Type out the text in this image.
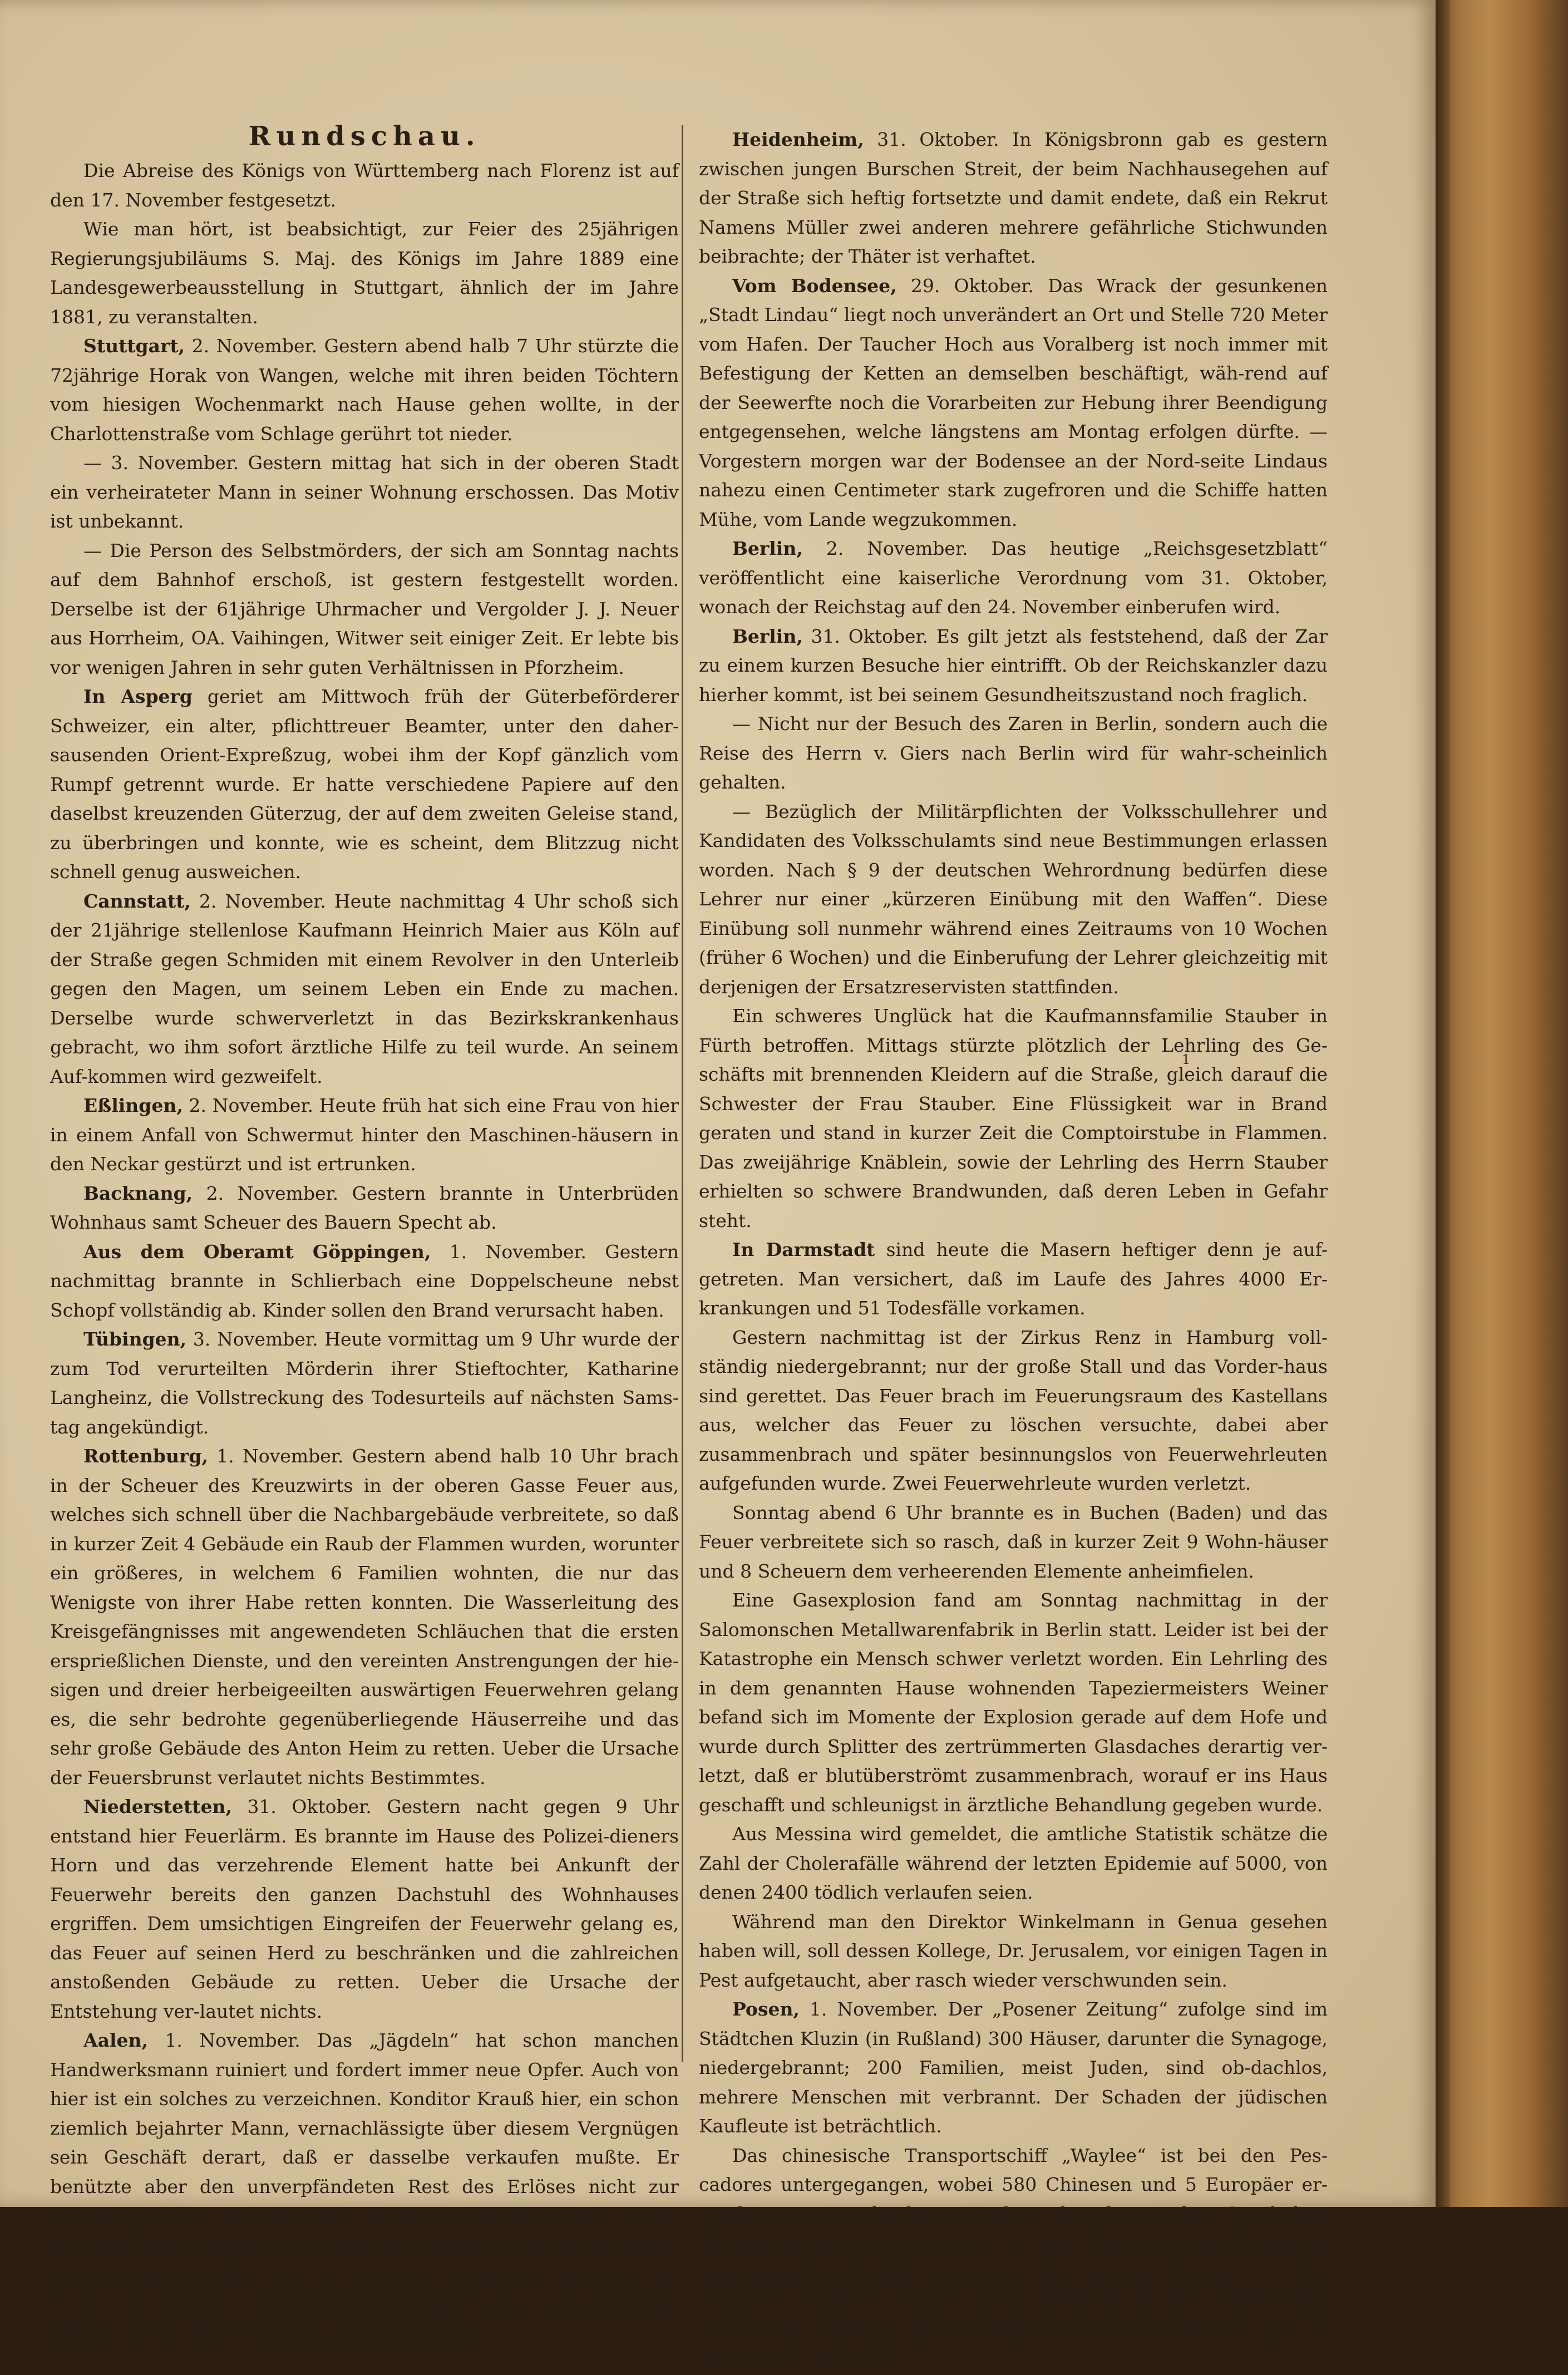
Rundschau.

Die Abreise des Königs von Württemberg nach Florenz ist auf den 17. November festgesetzt.

Wie man hört, ist beabsichtigt, zur Feier des 25jährigen Regierungsjubiläums S. Maj. des Königs im Jahre 1889 eine Landesgewerbeausstellung in Stuttgart, ähnlich der im Jahre 1881, zu veranstalten.

Stuttgart, 2. November. Gestern abend halb 7 Uhr stürzte die 72jährige Horak von Wangen, welche mit ihren beiden Töchtern vom hiesigen Wochenmarkt nach Hause gehen wollte, in der Charlottenstraße vom Schlage gerührt tot nieder.

— 3. November. Gestern mittag hat sich in der oberen Stadt ein verheirateter Mann in seiner Wohnung erschossen. Das Motiv ist unbekannt.

— Die Person des Selbstmörders, der sich am Sonntag nachts auf dem Bahnhof erschoß, ist gestern festgestellt worden. Derselbe ist der 61jährige Uhrmacher und Vergolder J. J. Neuer aus Horrheim, OA. Vaihingen, Witwer seit einiger Zeit. Er lebte bis vor wenigen Jahren in sehr guten Verhältnissen in Pforzheim.

In Asperg geriet am Mittwoch früh der Güterbeförderer Schweizer, ein alter, pflichttreuer Beamter, unter den daher-sausenden Orient-Expreßzug, wobei ihm der Kopf gänzlich vom Rumpf getrennt wurde. Er hatte verschiedene Papiere auf den daselbst kreuzenden Güterzug, der auf dem zweiten Geleise stand, zu überbringen und konnte, wie es scheint, dem Blitzzug nicht schnell genug ausweichen.

Cannstatt, 2. November. Heute nachmittag 4 Uhr schoß sich der 21jährige stellenlose Kaufmann Heinrich Maier aus Köln auf der Straße gegen Schmiden mit einem Revolver in den Unterleib gegen den Magen, um seinem Leben ein Ende zu machen. Derselbe wurde schwerverletzt in das Bezirkskrankenhaus gebracht, wo ihm sofort ärztliche Hilfe zu teil wurde. An seinem Auf-kommen wird gezweifelt.

Eßlingen, 2. November. Heute früh hat sich eine Frau von hier in einem Anfall von Schwermut hinter den Maschinen-häusern in den Neckar gestürzt und ist ertrunken.

Backnang, 2. November. Gestern brannte in Unterbrüden Wohnhaus samt Scheuer des Bauern Specht ab.

Aus dem Oberamt Göppingen, 1. November. Gestern nachmittag brannte in Schlierbach eine Doppelscheune nebst Schopf vollständig ab. Kinder sollen den Brand verursacht haben.

Tübingen, 3. November. Heute vormittag um 9 Uhr wurde der zum Tod verurteilten Mörderin ihrer Stieftochter, Katharine Langheinz, die Vollstreckung des Todesurteils auf nächsten Sams-tag angekündigt.

Rottenburg, 1. November. Gestern abend halb 10 Uhr brach in der Scheuer des Kreuzwirts in der oberen Gasse Feuer aus, welches sich schnell über die Nachbargebäude verbreitete, so daß in kurzer Zeit 4 Gebäude ein Raub der Flammen wurden, worunter ein größeres, in welchem 6 Familien wohnten, die nur das Wenigste von ihrer Habe retten konnten. Die Wasserleitung des Kreisgefängnisses mit angewendeten Schläuchen that die ersten ersprießlichen Dienste, und den vereinten Anstrengungen der hie-sigen und dreier herbeigeeilten auswärtigen Feuerwehren gelang es, die sehr bedrohte gegenüberliegende Häuserreihe und das sehr große Gebäude des Anton Heim zu retten. Ueber die Ursache der Feuersbrunst verlautet nichts Bestimmtes.

Niederstetten, 31. Oktober. Gestern nacht gegen 9 Uhr entstand hier Feuerlärm. Es brannte im Hause des Polizei-dieners Horn und das verzehrende Element hatte bei Ankunft der Feuerwehr bereits den ganzen Dachstuhl des Wohnhauses ergriffen. Dem umsichtigen Eingreifen der Feuerwehr gelang es, das Feuer auf seinen Herd zu beschränken und die zahlreichen anstoßenden Gebäude zu retten. Ueber die Ursache der Entstehung ver-lautet nichts.

Aalen, 1. November. Das „Jägdeln“ hat schon manchen Handwerksmann ruiniert und fordert immer neue Opfer. Auch von hier ist ein solches zu verzeichnen. Konditor Krauß hier, ein schon ziemlich bejahrter Mann, vernachlässigte über diesem Vergnügen sein Geschäft derart, daß er dasselbe verkaufen mußte. Er benützte aber den unverpfändeten Rest des Erlöses nicht zur Bezahlung seiner Privatschulden und so wurde ihm letzten Diens-tag gepfändet, wobei er auf den Gerichtsvollzieher mit dem Beil einen Angriff machte. Um der Strafe zu entgehen, ergriff er die Flucht und wird nun steckbrieflich verfolgt. Seine 3 unversorg-ten Kinder hat er ohne Vermögen zurückgelassen.

Heidenheim, 31. Oktober. In Königsbronn gab es gestern zwischen jungen Burschen Streit, der beim Nachhausegehen auf der Straße sich heftig fortsetzte und damit endete, daß ein Rekrut Namens Müller zwei anderen mehrere gefährliche Stichwunden beibrachte; der Thäter ist verhaftet.

Vom Bodensee, 29. Oktober. Das Wrack der gesunkenen „Stadt Lindau“ liegt noch unverändert an Ort und Stelle 720 Meter vom Hafen. Der Taucher Hoch aus Voralberg ist noch immer mit Befestigung der Ketten an demselben beschäftigt, wäh-rend auf der Seewerfte noch die Vorarbeiten zur Hebung ihrer Beendigung entgegensehen, welche längstens am Montag erfolgen dürfte. — Vorgestern morgen war der Bodensee an der Nord-seite Lindaus nahezu einen Centimeter stark zugefroren und die Schiffe hatten Mühe, vom Lande wegzukommen.

Berlin, 2. November. Das heutige „Reichsgesetzblatt“ veröffentlicht eine kaiserliche Verordnung vom 31. Oktober, wonach der Reichstag auf den 24. November einberufen wird.

Berlin, 31. Oktober. Es gilt jetzt als feststehend, daß der Zar zu einem kurzen Besuche hier eintrifft. Ob der Reichskanzler dazu hierher kommt, ist bei seinem Gesundheitszustand noch fraglich.

— Nicht nur der Besuch des Zaren in Berlin, sondern auch die Reise des Herrn v. Giers nach Berlin wird für wahr-scheinlich gehalten.

— Bezüglich der Militärpflichten der Volksschullehrer und Kandidaten des Volksschulamts sind neue Bestimmungen erlassen worden. Nach § 9 der deutschen Wehrordnung bedürfen diese Lehrer nur einer „kürzeren Einübung mit den Waffen“. Diese Einübung soll nunmehr während eines Zeitraums von 10 Wochen (früher 6 Wochen) und die Einberufung der Lehrer gleichzeitig mit derjenigen der Ersatzreservisten stattfinden.

Ein schweres Unglück hat die Kaufmannsfamilie Stauber in Fürth betroffen. Mittags stürzte plötzlich der Lehrling des Ge-schäfts mit brennenden Kleidern auf die Straße, gleich darauf die Schwester der Frau Stauber. Eine Flüssigkeit war in Brand geraten und stand in kurzer Zeit die Comptoirstube in Flammen. Das zweijährige Knäblein, sowie der Lehrling des Herrn Stauber erhielten so schwere Brandwunden, daß deren Leben in Gefahr steht.

In Darmstadt sind heute die Masern heftiger denn je auf-getreten. Man versichert, daß im Laufe des Jahres 4000 Er-krankungen und 51 Todesfälle vorkamen.

Gestern nachmittag ist der Zirkus Renz in Hamburg voll-ständig niedergebrannt; nur der große Stall und das Vorder-haus sind gerettet. Das Feuer brach im Feuerungsraum des Kastellans aus, welcher das Feuer zu löschen versuchte, dabei aber zusammenbrach und später besinnungslos von Feuerwehrleuten aufgefunden wurde. Zwei Feuerwehrleute wurden verletzt.

Sonntag abend 6 Uhr brannte es in Buchen (Baden) und das Feuer verbreitete sich so rasch, daß in kurzer Zeit 9 Wohn-häuser und 8 Scheuern dem verheerenden Elemente anheimfielen.

Eine Gasexplosion fand am Sonntag nachmittag in der Salomonschen Metallwarenfabrik in Berlin statt. Leider ist bei der Katastrophe ein Mensch schwer verletzt worden. Ein Lehrling des in dem genannten Hause wohnenden Tapeziermeisters Weiner befand sich im Momente der Explosion gerade auf dem Hofe und wurde durch Splitter des zertrümmerten Glasdaches derartig ver-letzt, daß er blutüberströmt zusammenbrach, worauf er ins Haus geschafft und schleunigst in ärztliche Behandlung gegeben wurde.

Aus Messina wird gemeldet, die amtliche Statistik schätze die Zahl der Cholerafälle während der letzten Epidemie auf 5000, von denen 2400 tödlich verlaufen seien.

Während man den Direktor Winkelmann in Genua gesehen haben will, soll dessen Kollege, Dr. Jerusalem, vor einigen Tagen in Pest aufgetaucht, aber rasch wieder verschwunden sein.

Posen, 1. November. Der „Posener Zeitung“ zufolge sind im Städtchen Kluzin (in Rußland) 300 Häuser, darunter die Synagoge, niedergebrannt; 200 Familien, meist Juden, sind ob-dachlos, mehrere Menschen mit verbrannt. Der Schaden der jüdischen Kaufleute ist beträchtlich.

Das chinesische Transportschiff „Waylee“ ist bei den Pes-cadores untergegangen, wobei 580 Chinesen und 5 Europäer er-tranken. An verschiedenen Punkten der chinesischen See haben Teifuns gewütet, und fast alle in San Francisco von Hongkong ankommenden Schiffe berichten über heftige Stürme. — Der deutsche Dampfer „Anton“ verlor ebenfalls in den chinesischen Gewässern während eines Teifuns den zweiten Offizier und 24 chinesische Matrosen.

1
